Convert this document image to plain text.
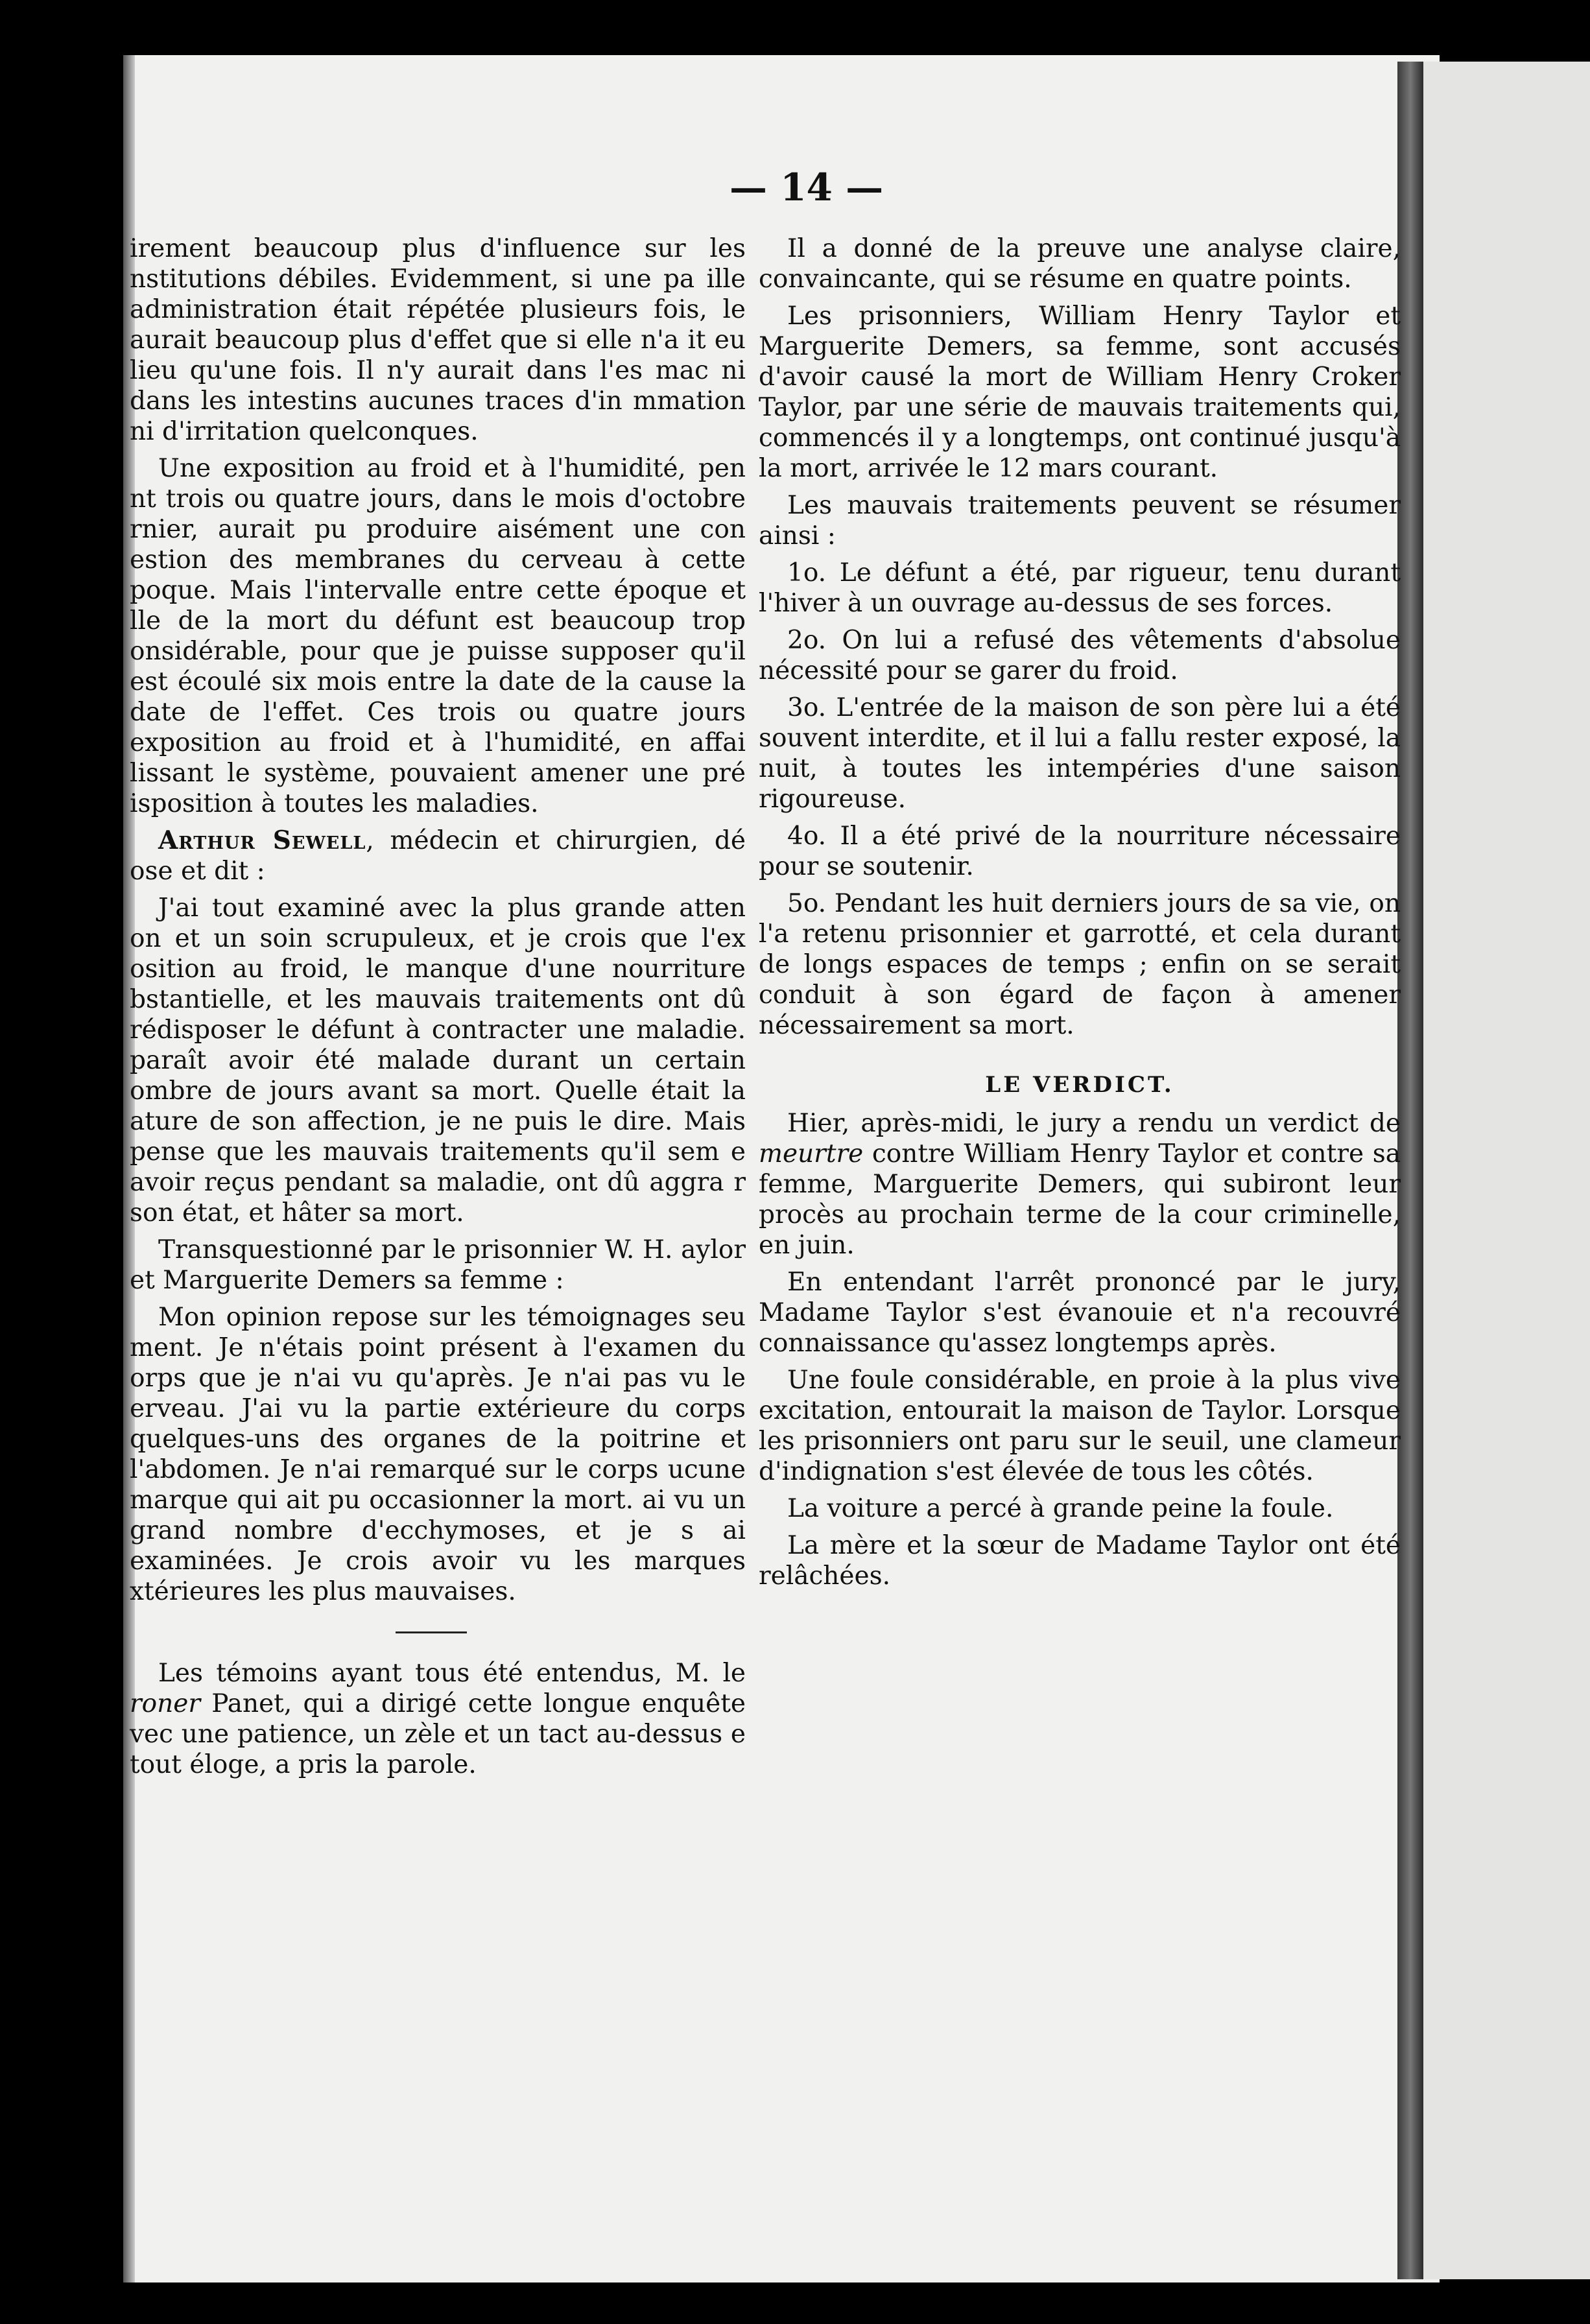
— 14 —

irement beaucoup plus d'influence sur les nstitutions débiles. Evidemment, si une pa ille administration était répétée plusieurs fois, le aurait beaucoup plus d'effet que si elle n'a it eu lieu qu'une fois. Il n'y aurait dans l'es mac ni dans les intestins aucunes traces d'in mmation ni d'irritation quelconques.

Une exposition au froid et à l'humidité, pen nt trois ou quatre jours, dans le mois d'octobre rnier, aurait pu produire aisément une con estion des membranes du cerveau à cette poque. Mais l'intervalle entre cette époque et lle de la mort du défunt est beaucoup trop onsidérable, pour que je puisse supposer qu'il est écoulé six mois entre la date de la cause la date de l'effet. Ces trois ou quatre jours exposition au froid et à l'humidité, en affai lissant le système, pouvaient amener une pré isposition à toutes les maladies.

Arthur Sewell, médecin et chirurgien, dé ose et dit :

J'ai tout examiné avec la plus grande atten on et un soin scrupuleux, et je crois que l'ex osition au froid, le manque d'une nourriture bstantielle, et les mauvais traitements ont dû rédisposer le défunt à contracter une maladie. paraît avoir été malade durant un certain ombre de jours avant sa mort. Quelle était la ature de son affection, je ne puis le dire. Mais pense que les mauvais traitements qu'il sem e avoir reçus pendant sa maladie, ont dû aggra r son état, et hâter sa mort.

Transquestionné par le prisonnier W. H. aylor et Marguerite Demers sa femme :

Mon opinion repose sur les témoignages seu ment. Je n'étais point présent à l'examen du orps que je n'ai vu qu'après. Je n'ai pas vu le erveau. J'ai vu la partie extérieure du corps quelques-uns des organes de la poitrine et l'abdomen. Je n'ai remarqué sur le corps ucune marque qui ait pu occasionner la mort. ai vu un grand nombre d'ecchymoses, et je s ai examinées. Je crois avoir vu les marques xtérieures les plus mauvaises.

Les témoins ayant tous été entendus, M. le roner Panet, qui a dirigé cette longue enquête vec une patience, un zèle et un tact au-dessus e tout éloge, a pris la parole.

Il a donné de la preuve une analyse claire, convaincante, qui se résume en quatre points.

Les prisonniers, William Henry Taylor et Marguerite Demers, sa femme, sont accusés d'avoir causé la mort de William Henry Croker Taylor, par une série de mauvais traitements qui, commencés il y a longtemps, ont continué jusqu'à la mort, arrivée le 12 mars courant.

Les mauvais traitements peuvent se résumer ainsi :

1o. Le défunt a été, par rigueur, tenu durant l'hiver à un ouvrage au-dessus de ses forces.

2o. On lui a refusé des vêtements d'absolue nécessité pour se garer du froid.

3o. L'entrée de la maison de son père lui a été souvent interdite, et il lui a fallu rester exposé, la nuit, à toutes les intempéries d'une saison rigoureuse.

4o. Il a été privé de la nourriture nécessaire pour se soutenir.

5o. Pendant les huit derniers jours de sa vie, on l'a retenu prisonnier et garrotté, et cela durant de longs espaces de temps ; enfin on se serait conduit à son égard de façon à amener nécessairement sa mort.

LE VERDICT.

Hier, après-midi, le jury a rendu un verdict de meurtre contre William Henry Taylor et contre sa femme, Marguerite Demers, qui subiront leur procès au prochain terme de la cour criminelle, en juin.

En entendant l'arrêt prononcé par le jury, Madame Taylor s'est évanouie et n'a recouvré connaissance qu'assez longtemps après.

Une foule considérable, en proie à la plus vive excitation, entourait la maison de Taylor. Lorsque les prisonniers ont paru sur le seuil, une clameur d'indignation s'est élevée de tous les côtés.

La voiture a percé à grande peine la foule.

La mère et la sœur de Madame Taylor ont été relâchées.
